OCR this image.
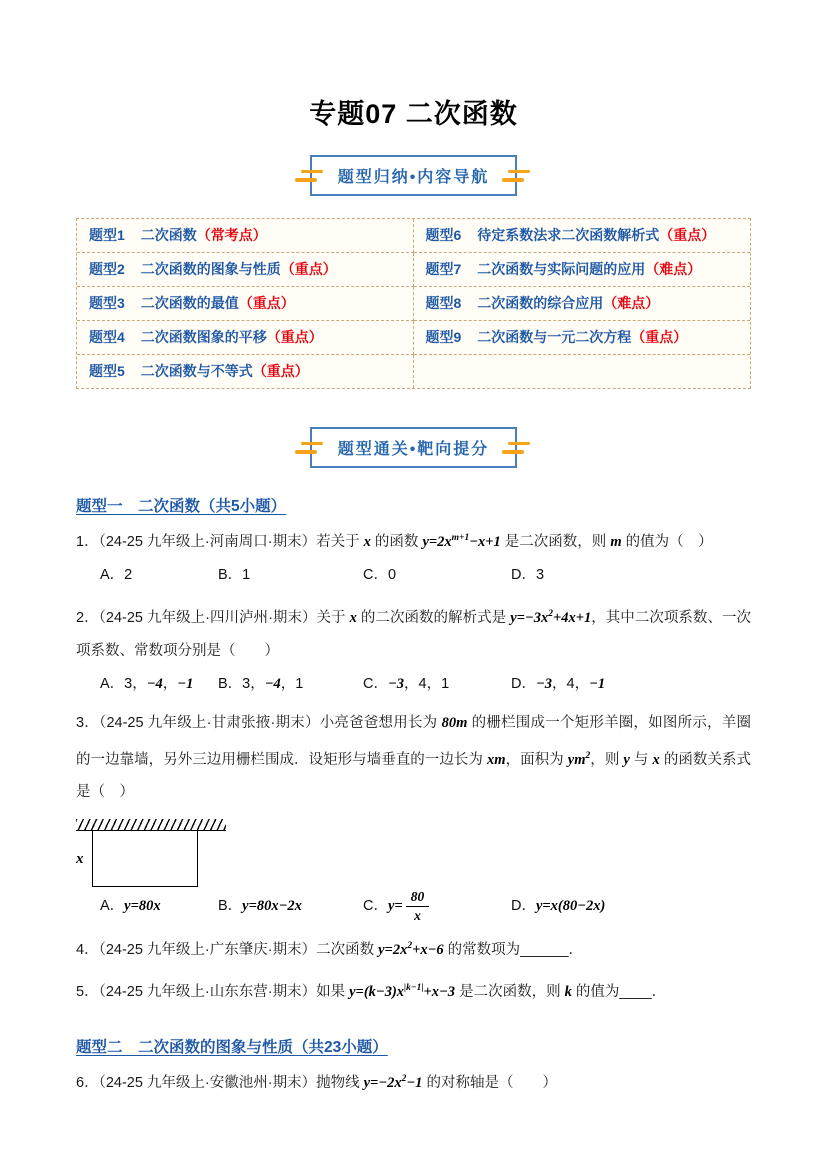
专题07 二次函数
题型归纳•内容导航
题型1 二次函数（常考点）	题型6 待定系数法求二次函数解析式（重点）
题型2 二次函数的图象与性质（重点）	题型7 二次函数与实际问题的应用（难点）
题型3 二次函数的最值（重点）	题型8 二次函数的综合应用（难点）
题型4 二次函数图象的平移（重点）	题型9 二次函数与一元二次方程（重点）
题型5 二次函数与不等式（重点）
题型通关•靶向提分
题型一　二次函数（共5小题）

1．（24-25 九年级上·河南周口·期末）若关于 x 的函数 $y=2x^{m+1}-x+1$ 是二次函数，则 m 的值为（　）

A．2	B．1	C．0	D．3

2．（24-25 九年级上·四川泸州·期末）关于 x 的二次函数的解析式是 $y=-3x^2+4x+1$，其中二次项系数、一次项系数、常数项分别是（　　）

A．3，−4，−1	B．3，−4，1	C．−3，4，1	D．−3，4，−1

3．（24-25 九年级上·甘肃张掖·期末）小亮爸爸想用长为 80m 的栅栏围成一个矩形羊圈，如图所示，羊圈的一边靠墙，另外三边用栅栏围成．设矩形与墙垂直的一边长为 xm，面积为 $ym^2$，则 y 与 x 的函数关系式是（　）

x
A．y=80x	B．y=80x−2x	C．$y= \frac{80}{x}$	D．y=x(80−2x)

4．（24-25 九年级上·广东肇庆·期末）二次函数 $y=2x^2+x-6$ 的常数项为______．

5．（24-25 九年级上·山东东营·期末）如果 $y=(k-3)x^{|k-1|}+x-3$ 是二次函数，则 k 的值为____．

题型二　二次函数的图象与性质（共23小题）

6．（24-25 九年级上·安徽池州·期末）抛物线 $y=-2x^2-1$ 的对称轴是（　　）
